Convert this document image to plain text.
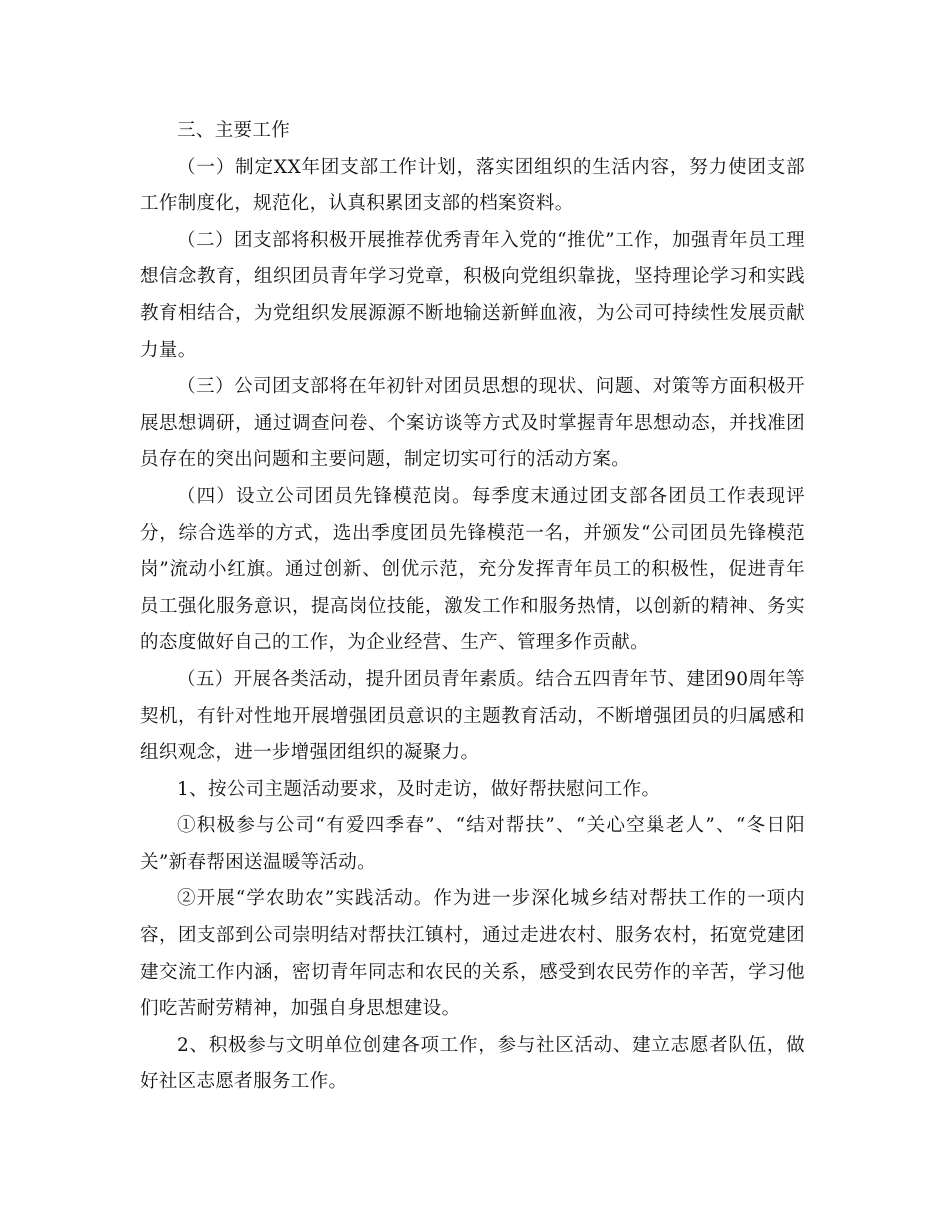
三、主要工作

（一）制定XX年团支部工作计划，落实团组织的生活内容，努力使团支部工作制度化，规范化，认真积累团支部的档案资料。

（二）团支部将积极开展推荐优秀青年入党的“推优”工作，加强青年员工理想信念教育，组织团员青年学习党章，积极向党组织靠拢，坚持理论学习和实践教育相结合，为党组织发展源源不断地输送新鲜血液，为公司可持续性发展贡献力量。

（三）公司团支部将在年初针对团员思想的现状、问题、对策等方面积极开展思想调研，通过调查问卷、个案访谈等方式及时掌握青年思想动态，并找准团员存在的突出问题和主要问题，制定切实可行的活动方案。

（四）设立公司团员先锋模范岗。每季度末通过团支部各团员工作表现评分，综合选举的方式，选出季度团员先锋模范一名，并颁发“公司团员先锋模范岗”流动小红旗。通过创新、创优示范，充分发挥青年员工的积极性，促进青年员工强化服务意识，提高岗位技能，激发工作和服务热情，以创新的精神、务实的态度做好自己的工作，为企业经营、生产、管理多作贡献。

（五）开展各类活动，提升团员青年素质。结合五四青年节、建团90周年等契机，有针对性地开展增强团员意识的主题教育活动，不断增强团员的归属感和组织观念，进一步增强团组织的凝聚力。

1、按公司主题活动要求，及时走访，做好帮扶慰问工作。

①积极参与公司“有爱四季春”、“结对帮扶”、“关心空巢老人”、“冬日阳关”新春帮困送温暖等活动。

②开展“学农助农”实践活动。作为进一步深化城乡结对帮扶工作的一项内容，团支部到公司崇明结对帮扶江镇村，通过走进农村、服务农村，拓宽党建团建交流工作内涵，密切青年同志和农民的关系，感受到农民劳作的辛苦，学习他们吃苦耐劳精神，加强自身思想建设。

2、积极参与文明单位创建各项工作，参与社区活动、建立志愿者队伍，做好社区志愿者服务工作。
